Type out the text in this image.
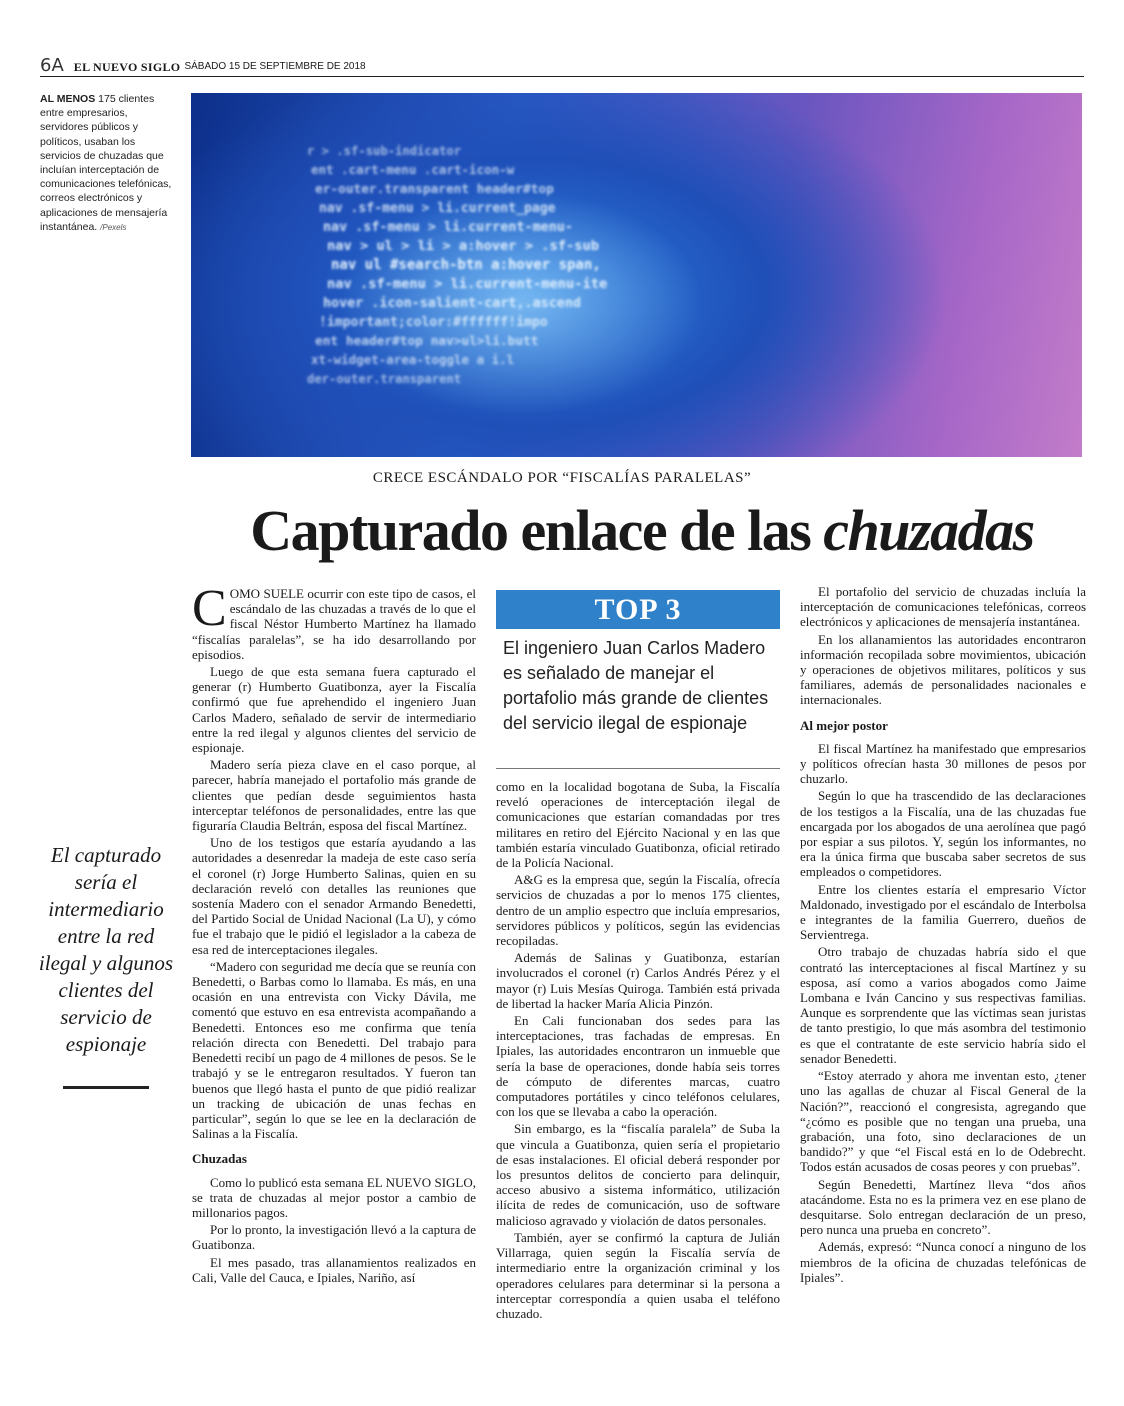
6A EL NUEVO SIGLO SÁBADO 15 DE SEPTIEMBRE DE 2018
AL MENOS 175 clientes entre empresarios, servidores públicos y políticos, usaban los servicios de chuzadas que incluían interceptación de comunicaciones telefónicas, correos electrónicos y aplicaciones de mensajería instantánea. /Pexels
r > .sf-sub-indicator
ent .cart-menu .cart-icon-w
er-outer.transparent header#top
nav .sf-menu > li.current_page
nav .sf-menu > li.current-menu-
nav > ul > li > a:hover > .sf-sub
nav ul #search-btn a:hover span,
nav .sf-menu > li.current-menu-ite
hover .icon-salient-cart,.ascend
!important;color:#ffffff!impo
ent header#top nav>ul>li.butt
xt-widget-area-toggle a i.l
der-outer.transparent
CRECE ESCÁNDALO POR “FISCALÍAS PARALELAS”
Capturado enlace de las chuzadas
El capturado sería el intermediario entre la red ilegal y algunos clientes del servicio de espionaje

COMO SUELE ocurrir con este tipo de casos, el escándalo de las chuzadas a través de lo que el fiscal Néstor Humberto Martínez ha llamado “fiscalías paralelas”, se ha ido desarrollando por episodios.

Luego de que esta semana fuera capturado el generar (r) Humberto Guatibonza, ayer la Fiscalía confirmó que fue aprehendido el ingeniero Juan Carlos Madero, señalado de servir de intermediario entre la red ilegal y algunos clientes del servicio de espionaje.

Madero sería pieza clave en el caso porque, al parecer, habría manejado el portafolio más grande de clientes que pedían desde seguimientos hasta interceptar teléfonos de personalidades, entre las que figuraría Claudia Beltrán, esposa del fiscal Martínez.

Uno de los testigos que estaría ayudando a las autoridades a desenredar la madeja de este caso sería el coronel (r) Jorge Humberto Salinas, quien en su declaración reveló con detalles las reuniones que sostenía Madero con el senador Armando Benedetti, del Partido Social de Unidad Nacional (La U), y cómo fue el trabajo que le pidió el legislador a la cabeza de esa red de interceptaciones ilegales.

“Madero con seguridad me decía que se reunía con Benedetti, o Barbas como lo llamaba. Es más, en una ocasión en una entrevista con Vicky Dávila, me comentó que estuvo en esa entrevista acompañando a Benedetti. Entonces eso me confirma que tenía relación directa con Benedetti. Del trabajo para Benedetti recibí un pago de 4 millones de pesos. Se le trabajó y se le entregaron resultados. Y fueron tan buenos que llegó hasta el punto de que pidió realizar un tracking de ubicación de unas fechas en particular”, según lo que se lee en la declaración de Salinas a la Fiscalía.

Chuzadas

Como lo publicó esta semana EL NUEVO SIGLO, se trata de chuzadas al mejor postor a cambio de millonarios pagos.

Por lo pronto, la investigación llevó a la captura de Guatibonza.

El mes pasado, tras allanamientos realizados en Cali, Valle del Cauca, e Ipiales, Nariño, así

TOP 3
El ingeniero Juan Carlos Madero es señalado de manejar el portafolio más grande de clientes del servicio ilegal de espionaje

como en la localidad bogotana de Suba, la Fiscalía reveló operaciones de interceptación ilegal de comunicaciones que estarían comandadas por tres militares en retiro del Ejército Nacional y en las que también estaría vinculado Guatibonza, oficial retirado de la Policía Nacional.

A&G es la empresa que, según la Fiscalía, ofrecía servicios de chuzadas a por lo menos 175 clientes, dentro de un amplio espectro que incluía empresarios, servidores públicos y políticos, según las evidencias recopiladas.

Además de Salinas y Guatibonza, estarían involucrados el coronel (r) Carlos Andrés Pérez y el mayor (r) Luis Mesías Quiroga. También está privada de libertad la hacker María Alicia Pinzón.

En Cali funcionaban dos sedes para las interceptaciones, tras fachadas de empresas. En Ipiales, las autoridades encontraron un inmueble que sería la base de operaciones, donde había seis torres de cómputo de diferentes marcas, cuatro computadores portátiles y cinco teléfonos celulares, con los que se llevaba a cabo la operación.

Sin embargo, es la “fiscalía paralela” de Suba la que vincula a Guatibonza, quien sería el propietario de esas instalaciones. El oficial deberá responder por los presuntos delitos de concierto para delinquir, acceso abusivo a sistema informático, utilización ilícita de redes de comunicación, uso de software malicioso agravado y violación de datos personales.

También, ayer se confirmó la captura de Julián Villarraga, quien según la Fiscalía servía de intermediario entre la organización criminal y los operadores celulares para determinar si la persona a interceptar correspondía a quien usaba el teléfono chuzado.

El portafolio del servicio de chuzadas incluía la interceptación de comunicaciones telefónicas, correos electrónicos y aplicaciones de mensajería instantánea.

En los allanamientos las autoridades encontraron información recopilada sobre movimientos, ubicación y operaciones de objetivos militares, políticos y sus familiares, además de personalidades nacionales e internacionales.

Al mejor postor

El fiscal Martínez ha manifestado que empresarios y políticos ofrecían hasta 30 millones de pesos por chuzarlo.

Según lo que ha trascendido de las declaraciones de los testigos a la Fiscalía, una de las chuzadas fue encargada por los abogados de una aerolínea que pagó por espiar a sus pilotos. Y, según los informantes, no era la única firma que buscaba saber secretos de sus empleados o competidores.

Entre los clientes estaría el empresario Víctor Maldonado, investigado por el escándalo de Interbolsa e integrantes de la familia Guerrero, dueños de Servientrega.

Otro trabajo de chuzadas habría sido el que contrató las interceptaciones al fiscal Martínez y su esposa, así como a varios abogados como Jaime Lombana e Iván Cancino y sus respectivas familias. Aunque es sorprendente que las víctimas sean juristas de tanto prestigio, lo que más asombra del testimonio es que el contratante de este servicio habría sido el senador Benedetti.

“Estoy aterrado y ahora me inventan esto, ¿tener uno las agallas de chuzar al Fiscal General de la Nación?”, reaccionó el congresista, agregando que “¿cómo es posible que no tengan una prueba, una grabación, una foto, sino declaraciones de un bandido?” y que “el Fiscal está en lo de Odebrecht. Todos están acusados de cosas peores y con pruebas”.

Según Benedetti, Martínez lleva “dos años atacándome. Esta no es la primera vez en ese plano de desquitarse. Solo entregan declaración de un preso, pero nunca una prueba en concreto”.

Además, expresó: “Nunca conocí a ninguno de los miembros de la oficina de chuzadas telefónicas de Ipiales”.
